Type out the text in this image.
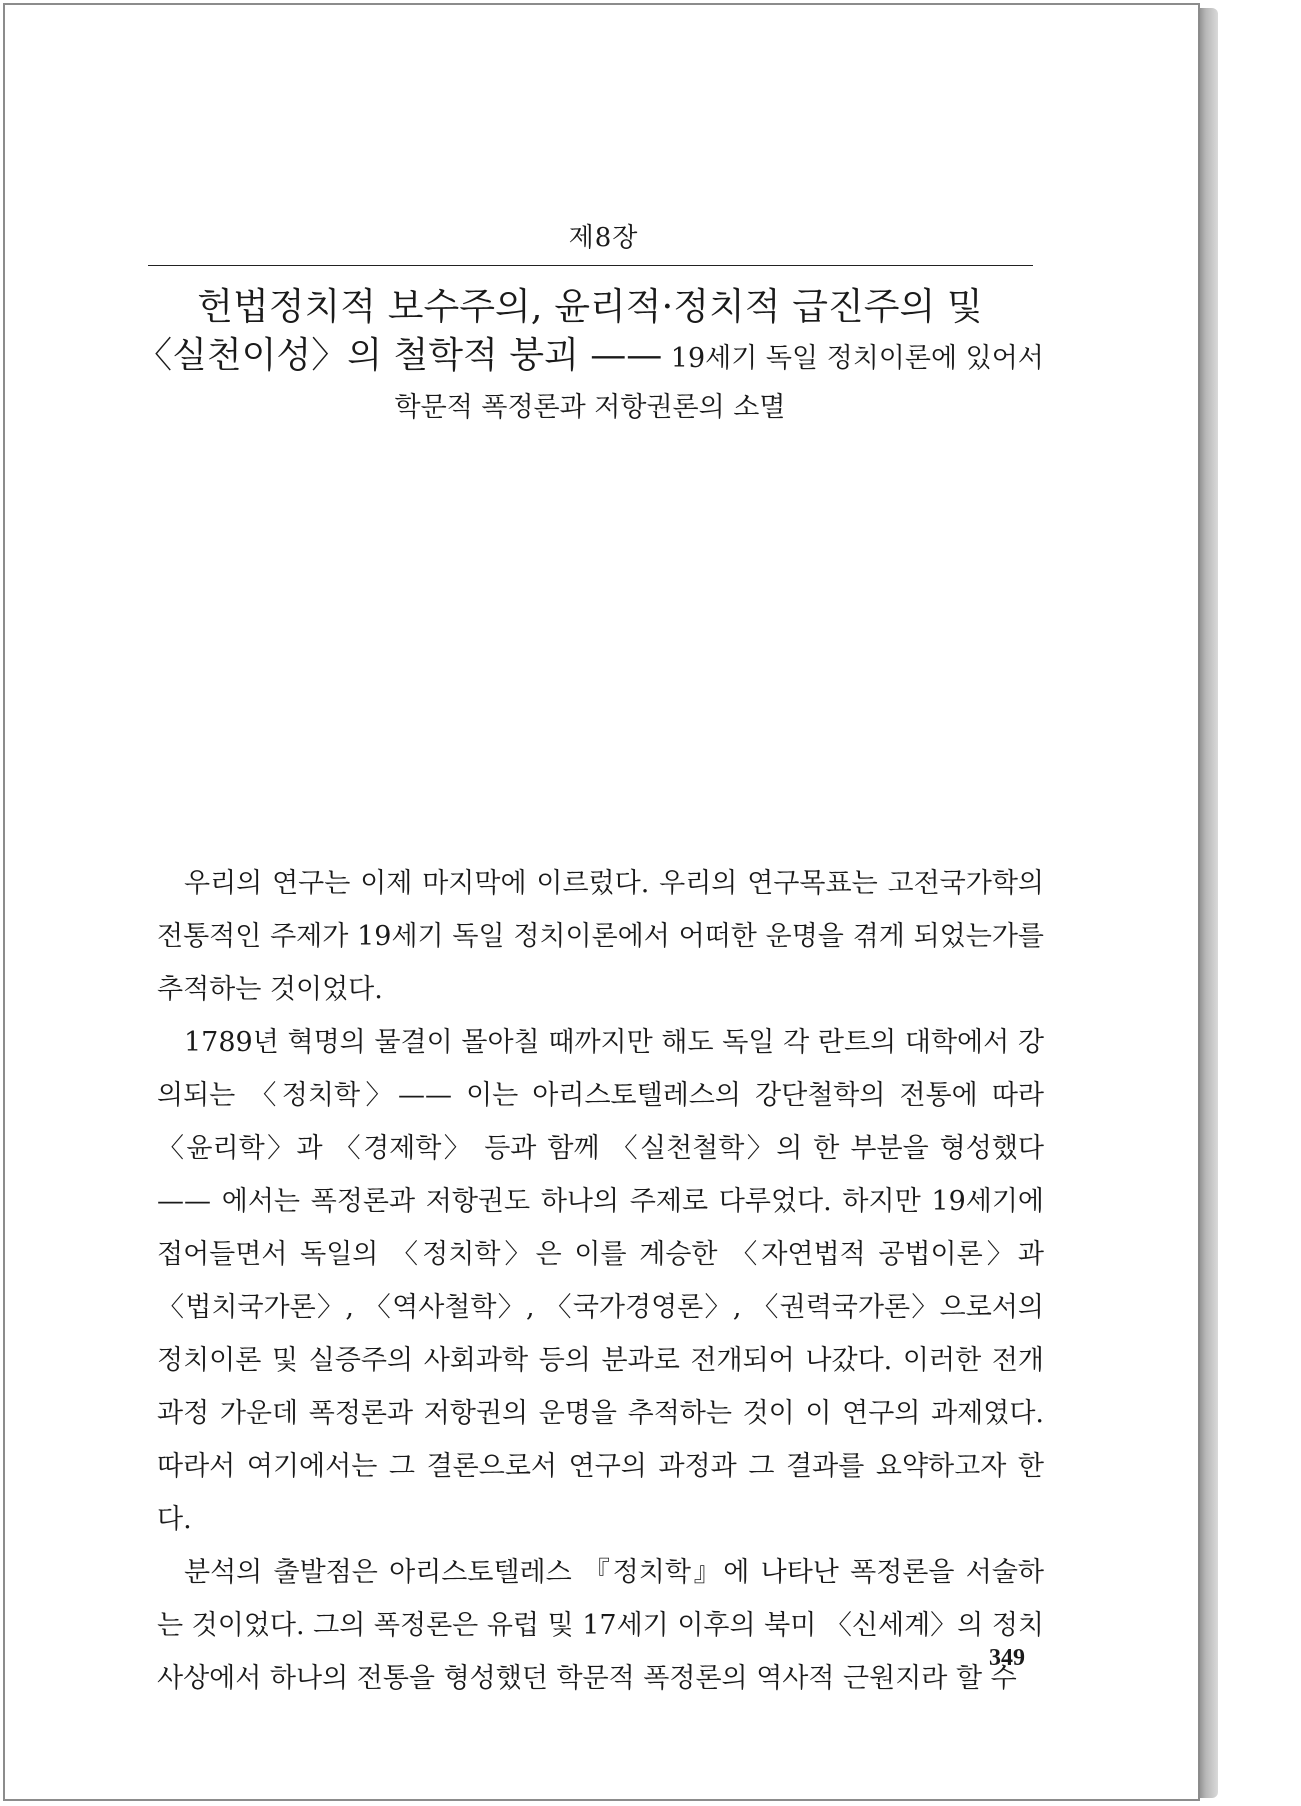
제8장
헌법정치적 보수주의, 윤리적·정치적 급진주의 및
〈실천이성〉의 철학적 붕괴 —— 19세기 독일 정치이론에 있어서
학문적 폭정론과 저항권론의 소멸

우리의 연구는 이제 마지막에 이르렀다. 우리의 연구목표는 고전국가학의 전통적인 주제가 19세기 독일 정치이론에서 어떠한 운명을 겪게 되었는가를 추적하는 것이었다.

1789년 혁명의 물결이 몰아칠 때까지만 해도 독일 각 란트의 대학에서 강의되는 〈정치학〉—— 이는 아리스토텔레스의 강단철학의 전통에 따라 〈윤리학〉과 〈경제학〉 등과 함께 〈실천철학〉의 한 부분을 형성했다 —— 에서는 폭정론과 저항권도 하나의 주제로 다루었다. 하지만 19세기에 접어들면서 독일의 〈정치학〉은 이를 계승한 〈자연법적 공법이론〉과 〈법치국가론〉, 〈역사철학〉, 〈국가경영론〉, 〈권력국가론〉으로서의 정치이론 및 실증주의 사회과학 등의 분과로 전개되어 나갔다. 이러한 전개과정 가운데 폭정론과 저항권의 운명을 추적하는 것이 이 연구의 과제였다. 따라서 여기에서는 그 결론으로서 연구의 과정과 그 결과를 요약하고자 한다.

분석의 출발점은 아리스토텔레스 『정치학』에 나타난 폭정론을 서술하는 것이었다. 그의 폭정론은 유럽 및 17세기 이후의 북미 〈신세계〉의 정치사상에서 하나의 전통을 형성했던 학문적 폭정론의 역사적 근원지라 할 수

349
